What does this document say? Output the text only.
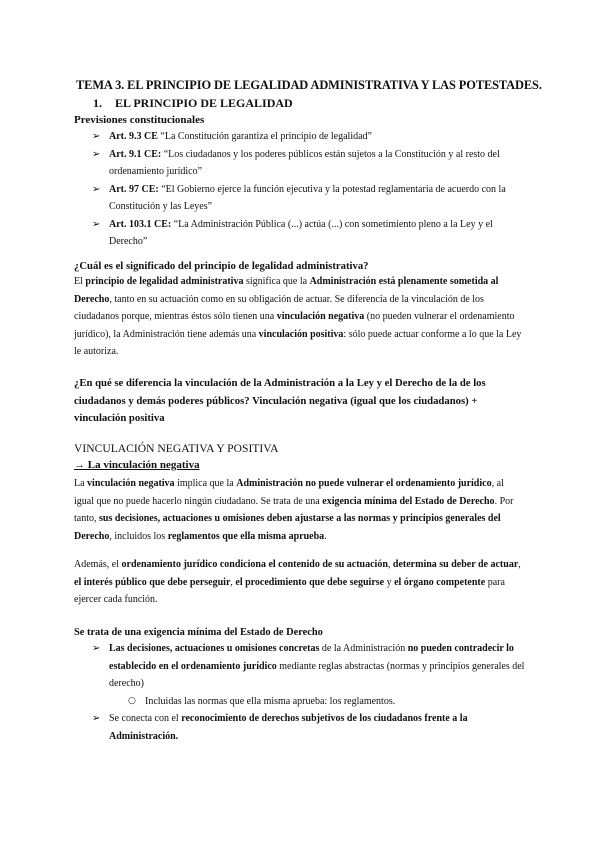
TEMA 3. EL PRINCIPIO DE LEGALIDAD ADMINISTRATIVA Y LAS POTESTADES.
1. EL PRINCIPIO DE LEGALIDAD
Previsiones constitucionales
➢ Art. 9.3 CE “La Constitución garantiza el principio de legalidad”
➢ Art. 9.1 CE: “Los ciudadanos y los poderes públicos están sujetos a la Constitución y al resto del ordenamiento jurídico”
➢ Art. 97 CE: “El Gobierno ejerce la función ejecutiva y la potestad reglamentaria de acuerdo con la Constitución y las Leyes”
➢ Art. 103.1 CE: “La Administración Pública (...) actúa (...) con sometimiento pleno a la Ley y el Derecho”
¿Cuál es el significado del principio de legalidad administrativa?
El principio de legalidad administrativa significa que la Administración está plenamente sometida al Derecho, tanto en su actuación como en su obligación de actuar. Se diferencia de la vinculación de los ciudadanos porque, mientras éstos sólo tienen una vinculación negativa (no pueden vulnerar el ordenamiento jurídico), la Administración tiene además una vinculación positiva: sólo puede actuar conforme a lo que la Ley le autoriza.
¿En qué se diferencia la vinculación de la Administración a la Ley y el Derecho de la de los ciudadanos y demás poderes públicos? Vinculación negativa (igual que los ciudadanos) + vinculación positiva
VINCULACIÓN NEGATIVA Y POSITIVA
→ La vinculación negativa
La vinculación negativa implica que la Administración no puede vulnerar el ordenamiento jurídico, al igual que no puede hacerlo ningún ciudadano. Se trata de una exigencia mínima del Estado de Derecho. Por tanto, sus decisiones, actuaciones u omisiones deben ajustarse a las normas y principios generales del Derecho, incluidos los reglamentos que ella misma aprueba.
Además, el ordenamiento jurídico condiciona el contenido de su actuación, determina su deber de actuar, el interés público que debe perseguir, el procedimiento que debe seguirse y el órgano competente para ejercer cada función.
Se trata de una exigencia mínima del Estado de Derecho
➢ Las decisiones, actuaciones u omisiones concretas de la Administración no pueden contradecir lo establecido en el ordenamiento jurídico mediante reglas abstractas (normas y principios generales del derecho)
○ Incluidas las normas que ella misma aprueba: los reglamentos.
➢ Se conecta con el reconocimiento de derechos subjetivos de los ciudadanos frente a la Administración.
